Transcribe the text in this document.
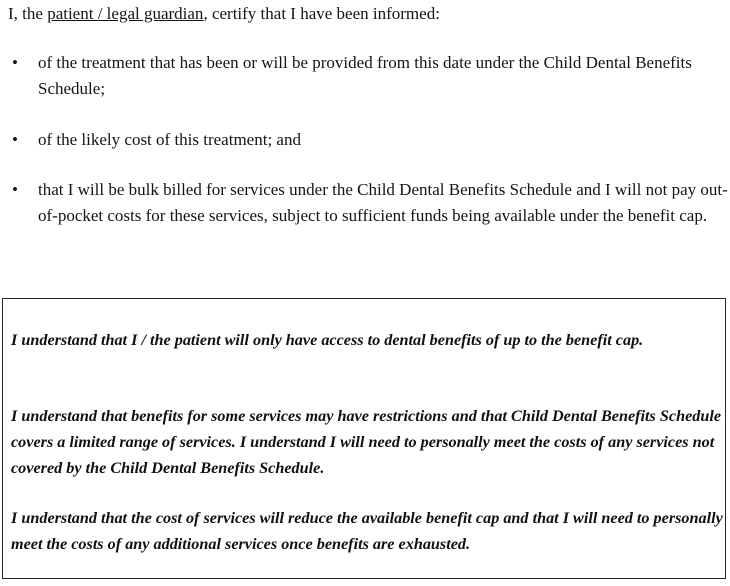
I, the patient / legal guardian, certify that I have been informed:
• of the treatment that has been or will be provided from this date under the Child Dental Benefits Schedule;
• of the likely cost of this treatment; and
• that I will be bulk billed for services under the Child Dental Benefits Schedule and I will not pay out-of-pocket costs for these services, subject to sufficient funds being available under the benefit cap.
I understand that I / the patient will only have access to dental benefits of up to the benefit cap.
I understand that benefits for some services may have restrictions and that Child Dental Benefits Schedule covers a limited range of services. I understand I will need to personally meet the costs of any services not covered by the Child Dental Benefits Schedule.
I understand that the cost of services will reduce the available benefit cap and that I will need to personally meet the costs of any additional services once benefits are exhausted.
